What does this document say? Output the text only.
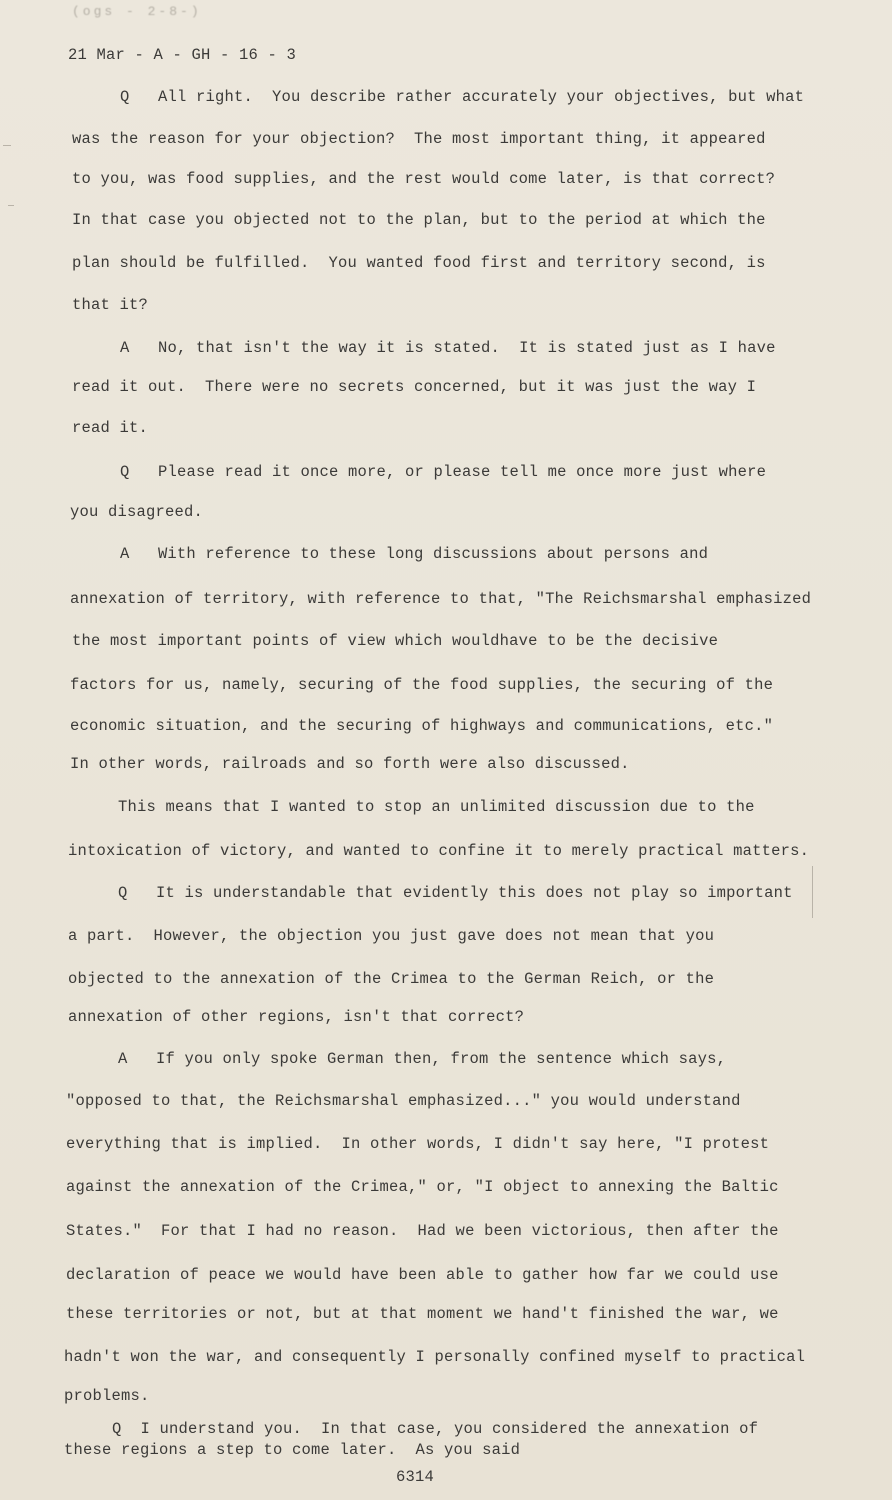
(ogs - 2-8-)
21 Mar - A - GH - 16 - 3
Q   All right.  You describe rather accurately your objectives, but what
was the reason for your objection?  The most important thing, it appeared
to you, was food supplies, and the rest would come later, is that correct?
In that case you objected not to the plan, but to the period at which the
plan should be fulfilled.  You wanted food first and territory second, is
that it?
A   No, that isn't the way it is stated.  It is stated just as I have
read it out.  There were no secrets concerned, but it was just the way I
read it.
Q   Please read it once more, or please tell me once more just where
you disagreed.
A   With reference to these long discussions about persons and
annexation of territory, with reference to that, "The Reichsmarshal emphasized
the most important points of view which wouldhave to be the decisive
factors for us, namely, securing of the food supplies, the securing of the
economic situation, and the securing of highways and communications, etc."
In other words, railroads and so forth were also discussed.
This means that I wanted to stop an unlimited discussion due to the
intoxication of victory, and wanted to confine it to merely practical matters.
Q   It is understandable that evidently this does not play so important
a part.  However, the objection you just gave does not mean that you
objected to the annexation of the Crimea to the German Reich, or the
annexation of other regions, isn't that correct?
A   If you only spoke German then, from the sentence which says,
"opposed to that, the Reichsmarshal emphasized..." you would understand
everything that is implied.  In other words, I didn't say here, "I protest
against the annexation of the Crimea," or, "I object to annexing the Baltic
States."  For that I had no reason.  Had we been victorious, then after the
declaration of peace we would have been able to gather how far we could use
these territories or not, but at that moment we hand't finished the war, we
hadn't won the war, and consequently I personally confined myself to practical
problems.
Q  I understand you.  In that case, you considered the annexation of
these regions a step to come later.  As you said
6314
